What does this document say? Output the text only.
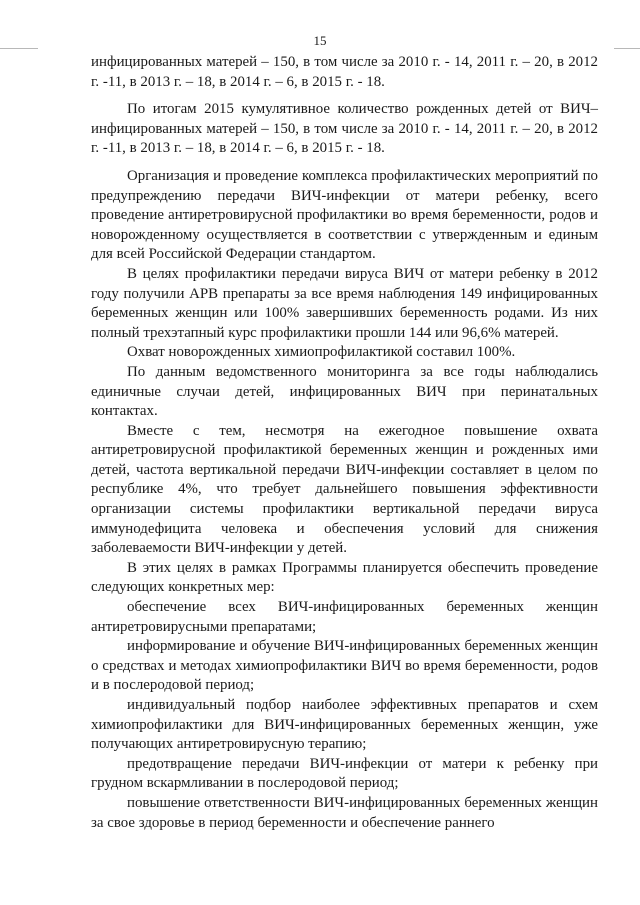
15

инфицированных матерей – 150, в том числе за 2010 г. - 14, 2011 г. – 20, в 2012 г. -11, в 2013 г. – 18, в 2014 г. – 6, в 2015 г. - 18.

По итогам 2015 кумулятивное количество рожденных детей от ВИЧ–инфицированных матерей – 150, в том числе за 2010 г. - 14, 2011 г. – 20, в 2012 г. -11, в 2013 г. – 18, в 2014 г. – 6, в 2015 г. - 18.

Организация и проведение комплекса профилактических мероприятий по предупреждению передачи ВИЧ-инфекции от матери ребенку, всего проведение антиретровирусной профилактики во время беременности, родов и новорожденному осуществляется в соответствии с утвержденным и единым для всей Российской Федерации стандартом.

В целях профилактики передачи вируса ВИЧ от матери ребенку в 2012 году получили АРВ препараты за все время наблюдения 149 инфицированных беременных женщин или 100% завершивших беременность родами. Из них полный трехэтапный курс профилактики прошли 144 или 96,6% матерей.

Охват новорожденных химиопрофилактикой составил 100%.

По данным ведомственного мониторинга за все годы наблюдались единичные случаи детей, инфицированных ВИЧ при перинатальных контактах.

Вместе с тем, несмотря на ежегодное повышение охвата антиретровирусной профилактикой беременных женщин и рожденных ими детей, частота вертикальной передачи ВИЧ-инфекции составляет в целом по республике 4%, что требует дальнейшего повышения эффективности организации системы профилактики вертикальной передачи вируса иммунодефицита человека и обеспечения условий для снижения заболеваемости ВИЧ-инфекции у детей.

В этих целях в рамках Программы планируется обеспечить проведение следующих конкретных мер:

обеспечение всех ВИЧ-инфицированных беременных женщин антиретровирусными препаратами;

информирование и обучение ВИЧ-инфицированных беременных женщин о средствах и методах химиопрофилактики ВИЧ во время беременности, родов и в послеродовой период;

индивидуальный подбор наиболее эффективных препаратов и схем химиопрофилактики для ВИЧ-инфицированных беременных женщин, уже получающих антиретровирусную терапию;

предотвращение передачи ВИЧ-инфекции от матери к ребенку при грудном вскармливании в послеродовой период;

повышение ответственности ВИЧ-инфицированных беременных женщин за свое здоровье в период беременности и обеспечение раннего
